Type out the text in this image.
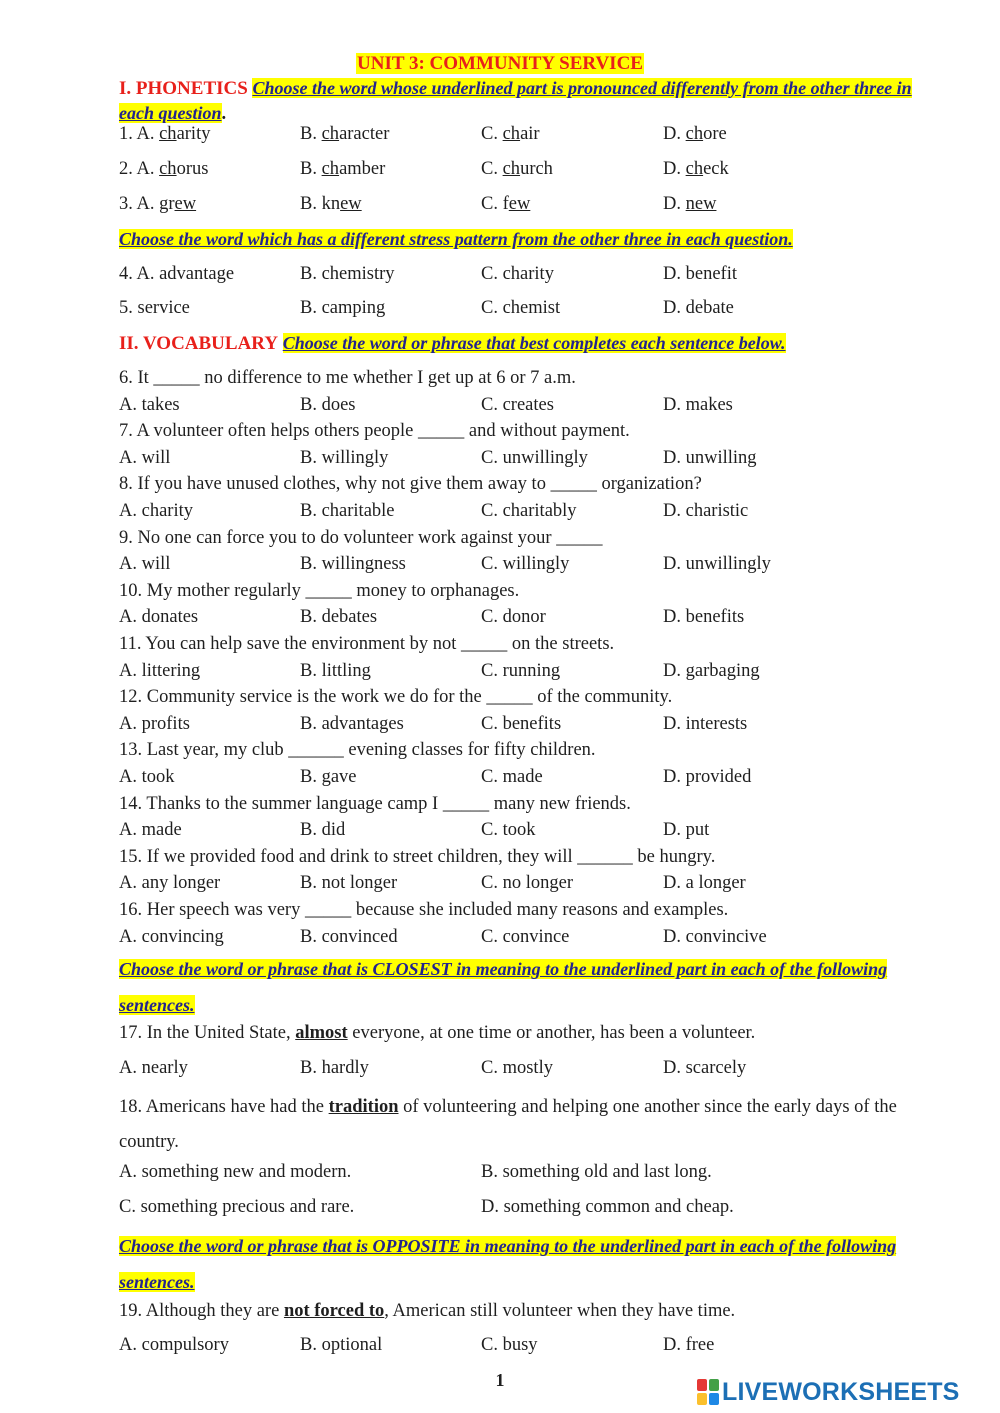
UNIT 3: COMMUNITY SERVICE
I. PHONETICS Choose the word whose underlined part is pronounced differently from the other three in each question.
1. A. charity	B. character	C. chair	D. chore
2. A. chorus	B. chamber	C. church	D. check
3. A. grew	B. knew	C. few	D. new
Choose the word which has a different stress pattern from the other three in each question.
4. A. advantage	B. chemistry	C. charity	D. benefit
5. service	B. camping	C. chemist	D. debate
II. VOCABULARY Choose the word or phrase that best completes each sentence below.
6. It _____ no difference to me whether I get up at 6 or 7 a.m.
A. takes	B. does	C. creates	D. makes
7. A volunteer often helps others people _____ and without payment.
A. will	B. willingly	C. unwillingly	D. unwilling
8. If you have unused clothes, why not give them away to _____ organization?
A. charity	B. charitable	C. charitably	D. charistic
9. No one can force you to do volunteer work against your _____
A. will	B. willingness	C. willingly	D. unwillingly
10. My mother regularly _____ money to orphanages.
A. donates	B. debates	C. donor	D. benefits
11. You can help save the environment by not _____ on the streets.
A. littering	B. littling	C. running	D. garbaging
12. Community service is the work we do for the _____ of the community.
A. profits	B. advantages	C. benefits	D. interests
13. Last year, my club ______ evening classes for fifty children.
A. took	B. gave	C. made	D. provided
14. Thanks to the summer language camp I _____ many new friends.
A. made	B. did	C. took	D. put
15. If we provided food and drink to street children, they will ______ be hungry.
A. any longer	B. not longer	C. no longer	D. a longer
16. Her speech was very _____ because she included many reasons and examples.
A. convincing	B. convinced	C. convince	D. convincive
Choose the word or phrase that is CLOSEST in meaning to the underlined part in each of the following sentences.
17. In the United State, almost everyone, at one time or another, has been a volunteer.
A. nearly	B. hardly	C. mostly	D. scarcely
18. Americans have had the tradition of volunteering and helping one another since the early days of the country.
A. something new and modern.	B. something old and last long.
C. something precious and rare.	D. something common and cheap.
Choose the word or phrase that is OPPOSITE in meaning to the underlined part in each of the following sentences.
19. Although they are not forced to, American still volunteer when they have time.
A. compulsory	B. optional	C. busy	D. free
1	LIVEWORKSHEETS
